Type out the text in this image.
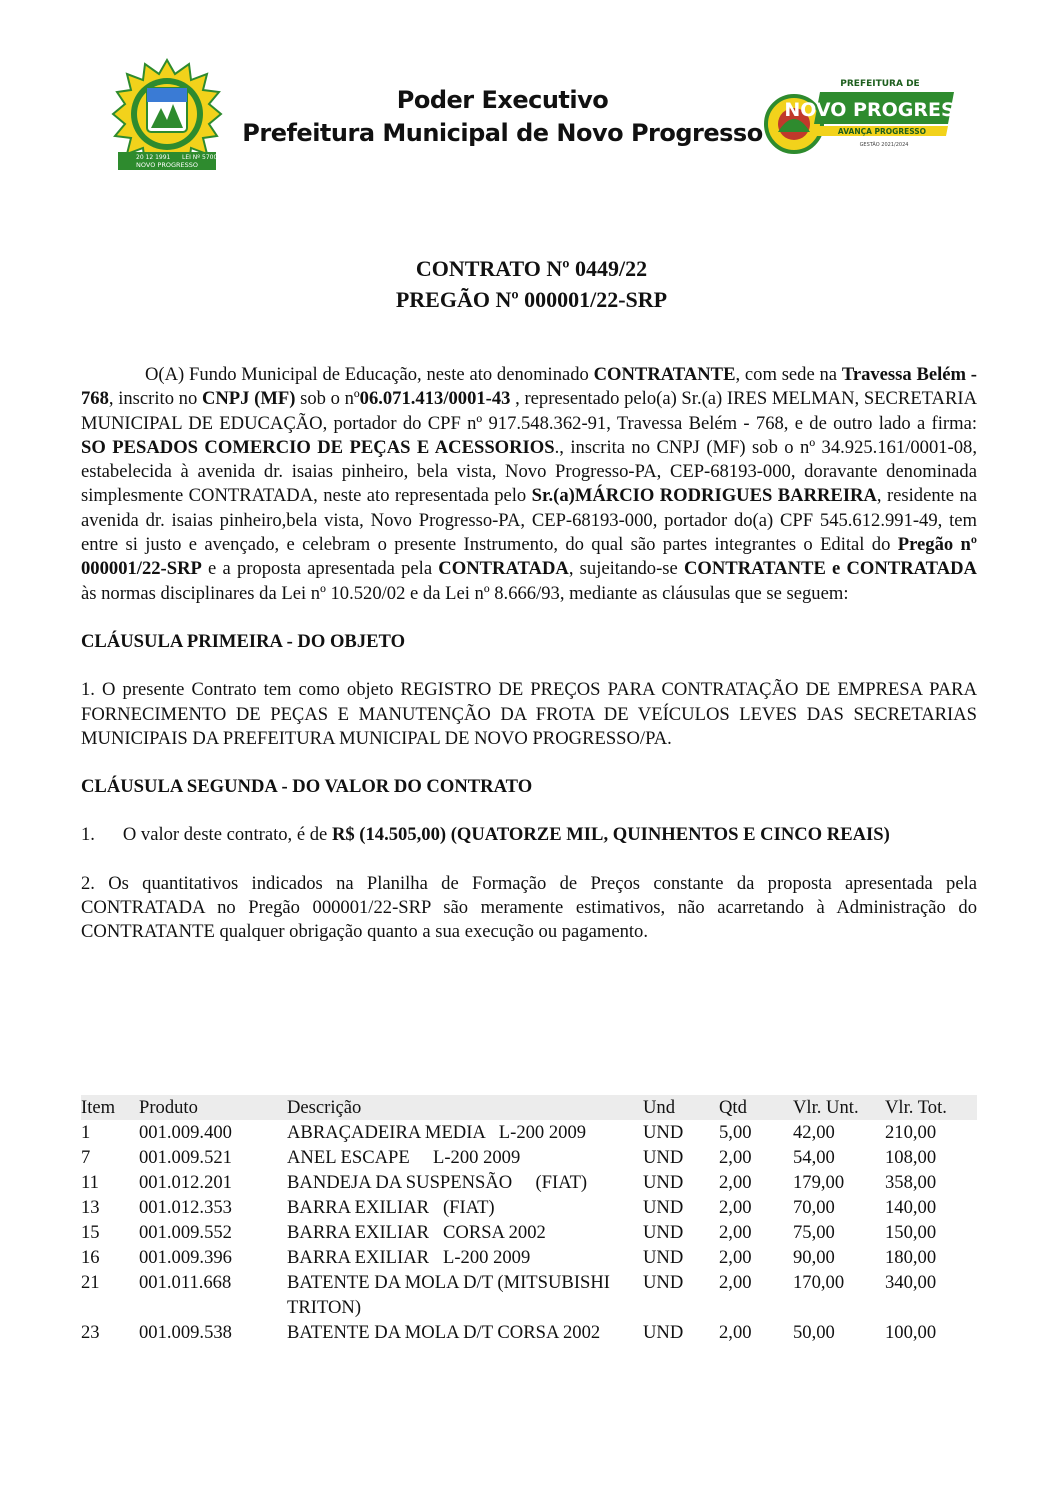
20 12 1991 LEI Nº 5700
NOVO PROGRESSO
Poder Executivo
Prefeitura Municipal de Novo Progresso
PREFEITURA DE
NOVO PROGRESSO
AVANÇA PROGRESSO
GESTÃO 2021/2024
CONTRATO Nº 0449/22
PREGÃO Nº 000001/22-SRP

O(A) Fundo Municipal de Educação, neste ato denominado CONTRATANTE, com sede na Travessa Belém - 768, inscrito no CNPJ (MF) sob o nº06.071.413/0001-43 , representado pelo(a) Sr.(a) IRES MELMAN, SECRETARIA MUNICIPAL DE EDUCAÇÃO, portador do CPF nº 917.548.362-91, Travessa Belém - 768, e de outro lado a firma: SO PESADOS COMERCIO DE PEÇAS E ACESSORIOS., inscrita no CNPJ (MF) sob o nº 34.925.161/0001-08, estabelecida à avenida dr. isaias pinheiro, bela vista, Novo Progresso-PA, CEP-68193-000, doravante denominada simplesmente CONTRATADA, neste ato representada pelo Sr.(a)MÁRCIO RODRIGUES BARREIRA, residente na avenida dr. isaias pinheiro,bela vista, Novo Progresso-PA, CEP-68193-000, portador do(a) CPF 545.612.991-49, tem entre si justo e avençado, e celebram o presente Instrumento, do qual são partes integrantes o Edital do Pregão nº 000001/22-SRP e a proposta apresentada pela CONTRATADA, sujeitando-se CONTRATANTE e CONTRATADA às normas disciplinares da Lei nº 10.520/02 e da Lei nº 8.666/93, mediante as cláusulas que se seguem:

CLÁUSULA PRIMEIRA - DO OBJETO

1. O presente Contrato tem como objeto REGISTRO DE PREÇOS PARA CONTRATAÇÃO DE EMPRESA PARA FORNECIMENTO DE PEÇAS E MANUTENÇÃO DA FROTA DE VEÍCULOS LEVES DAS SECRETARIAS MUNICIPAIS DA PREFEITURA MUNICIPAL DE NOVO PROGRESSO/PA.

CLÁUSULA SEGUNDA - DO VALOR DO CONTRATO

1.      O valor deste contrato, é de R$ (14.505,00) (QUATORZE MIL, QUINHENTOS E CINCO REAIS)

2. Os quantitativos indicados na Planilha de Formação de Preços constante da proposta apresentada pela CONTRATADA no Pregão 000001/22-SRP são meramente estimativos, não acarretando à Administração do CONTRATANTE qualquer obrigação quanto a sua execução ou pagamento.

Item	Produto	Descrição	Und	Qtd	Vlr. Unt.	Vlr. Tot.
1	001.009.400	ABRAÇADEIRA MEDIA   L-200 2009	UND	5,00	42,00	210,00
7	001.009.521	ANEL ESCAPE     L-200 2009	UND	2,00	54,00	108,00
11	001.012.201	BANDEJA DA SUSPENSÃO     (FIAT)	UND	2,00	179,00	358,00
13	001.012.353	BARRA EXILIAR   (FIAT)	UND	2,00	70,00	140,00
15	001.009.552	BARRA EXILIAR   CORSA 2002	UND	2,00	75,00	150,00
16	001.009.396	BARRA EXILIAR   L-200 2009	UND	2,00	90,00	180,00
21	001.011.668	BATENTE DA MOLA D/T (MITSUBISHI TRITON)	UND	2,00	170,00	340,00
23	001.009.538	BATENTE DA MOLA D/T CORSA 2002	UND	2,00	50,00	100,00
